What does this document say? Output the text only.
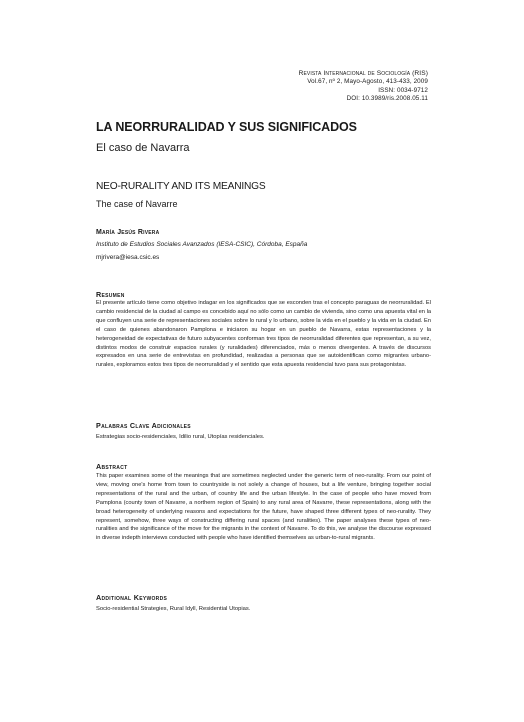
Revista Internacional de Sociología (RIS)
Vol.67, nº 2, Mayo-Agosto, 413-433, 2009
ISSN: 0034-9712
DOI: 10.3989/ris.2008.05.11
LA NEORRURALIDAD Y SUS SIGNIFICADOS
El caso de Navarra
NEO-RURALITY AND ITS MEANINGS
The case of Navarre
María Jesús Rivera
Instituto de Estudios Sociales Avanzados (IESA-CSIC), Córdoba, España
mjrivera@iesa.csic.es
Resumen

El presente artículo tiene como objetivo indagar en los significados que se esconden tras el concepto paraguas de neorruralidad. El cambio residencial de la ciudad al campo es concebido aquí no sólo como un cambio de vivienda, sino como una apuesta vital en la que confluyen una serie de representaciones sociales sobre lo rural y lo urbano, sobre la vida en el pueblo y la vida en la ciudad. En el caso de quienes abandonaron Pamplona e iniciaron su hogar en un pueblo de Navarra, estas representaciones y la heterogeneidad de expectativas de futuro subyacentes conforman tres tipos de neorruralidad diferentes que representan, a su vez, distintos modos de construir espacios rurales (y ruralidades) diferenciados, más o menos divergentes. A través de discursos expresados en una serie de entrevistas en profundidad, realizadas a personas que se autoidentifican como migrantes urbano-rurales, exploramos estos tres tipos de neorruralidad y el sentido que esta apuesta residencial tuvo para sus protagonistas.

Palabras Clave Adicionales
Estrategias socio-residenciales, Idilio rural, Utopías residenciales.
Abstract

This paper examines some of the meanings that are sometimes neglected under the generic term of neo-rurality. From our point of view, moving one's home from town to countryside is not solely a change of houses, but a life venture, bringing together social representations of the rural and the urban, of country life and the urban lifestyle. In the case of people who have moved from Pamplona (county town of Navarre, a northern region of Spain) to any rural area of Navarre, these representations, along with the broad heterogeneity of underlying reasons and expectations for the future, have shaped three different types of neo-rurality. They represent, somehow, three ways of constructing differing rural spaces (and ruralities). The paper analyses these types of neo-ruralities and the significance of the move for the migrants in the context of Navarre. To do this, we analyse the discourse expressed in diverse indepth interviews conducted with people who have identified themselves as urban-to-rural migrants.

Additional Keywords
Socio-residential Strategies, Rural Idyll, Residential Utopias.
